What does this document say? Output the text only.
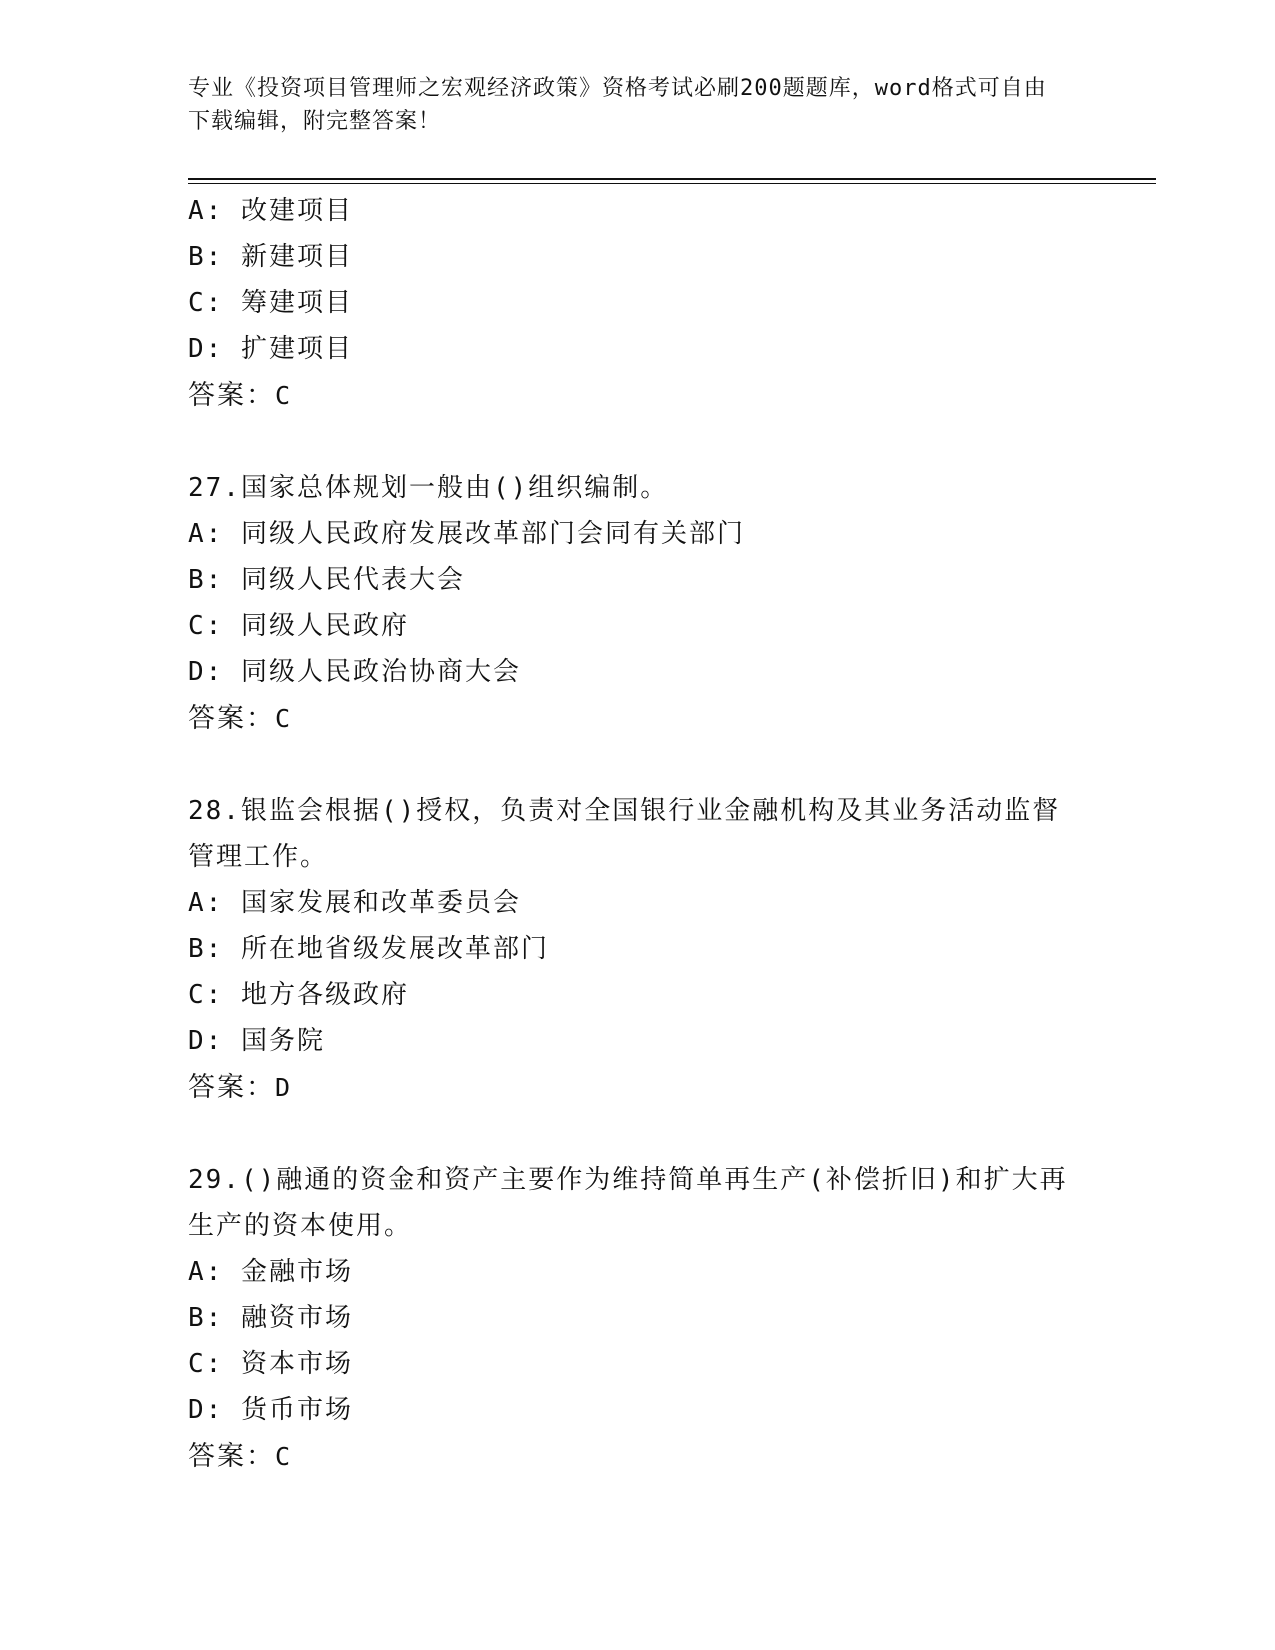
专业《投资项目管理师之宏观经济政策》资格考试必刷200题题库，word格式可自由下载编辑，附完整答案！
A: 改建项目
B: 新建项目
C: 筹建项目
D: 扩建项目
答案：C
27.国家总体规划一般由()组织编制。
A: 同级人民政府发展改革部门会同有关部门
B: 同级人民代表大会
C: 同级人民政府
D: 同级人民政治协商大会
答案：C
28.银监会根据()授权，负责对全国银行业金融机构及其业务活动监督管理工作。
A: 国家发展和改革委员会
B: 所在地省级发展改革部门
C: 地方各级政府
D: 国务院
答案：D
29.()融通的资金和资产主要作为维持简单再生产(补偿折旧)和扩大再生产的资本使用。
A: 金融市场
B: 融资市场
C: 资本市场
D: 货币市场
答案：C
